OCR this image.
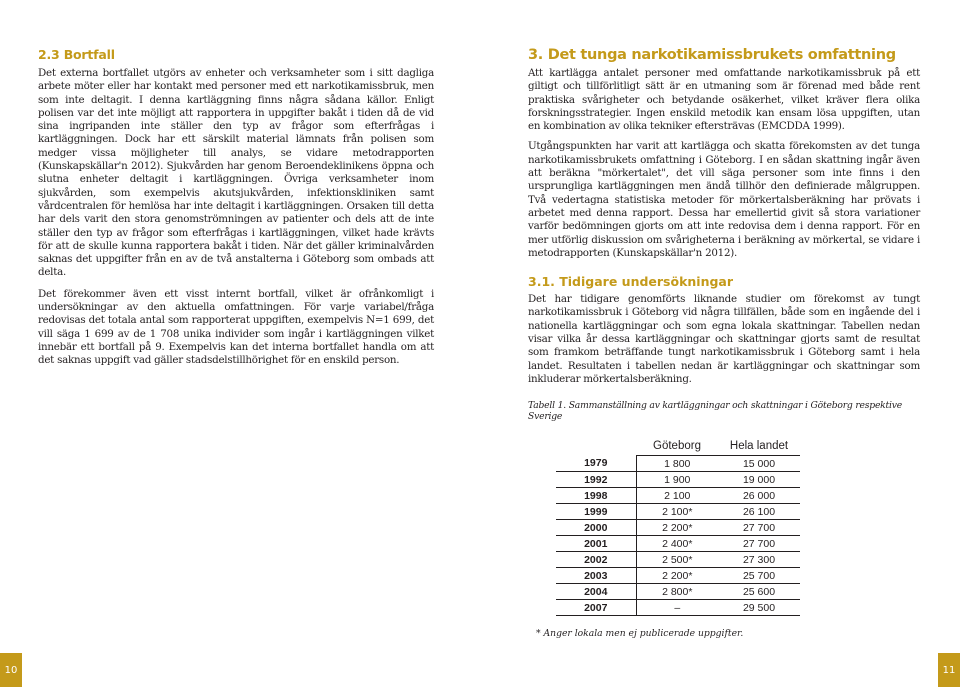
2.3 Bortfall

Det externa bortfallet utgörs av enheter och verksamheter som i sitt dagliga arbete möter eller har kontakt med personer med ett narkotikamissbruk, men som inte deltagit. I denna kartläggning finns några sådana källor. Enligt polisen var det inte möjligt att rapportera in uppgifter bakåt i tiden då de vid sina ingripanden inte ställer den typ av frågor som efterfrågas i kartläggningen. Dock har ett särskilt material lämnats från polisen som medger vissa möjligheter till analys, se vidare metodrapporten (Kunskapskällar'n 2012). Sjukvården har genom Beroendeklinikens öppna och slutna enheter deltagit i kartläggningen. Övriga verksamheter inom sjukvården, som exempelvis akutsjukvården, infektionskliniken samt vårdcentralen för hemlösa har inte deltagit i kartläggningen. Orsaken till detta har dels varit den stora genomströmningen av patienter och dels att de inte ställer den typ av frågor som efterfrågas i kartläggningen, vilket hade krävts för att de skulle kunna rapportera bakåt i tiden. När det gäller kriminalvården saknas det uppgifter från en av de två anstalterna i Göteborg som ombads att delta.

Det förekommer även ett visst internt bortfall, vilket är ofrånkomligt i undersökningar av den aktuella omfattningen. För varje variabel/fråga redovisas det totala antal som rapporterat uppgiften, exempelvis N=1 699, det vill säga 1 699 av de 1 708 unika individer som ingår i kartläggningen vilket innebär ett bortfall på 9. Exempelvis kan det interna bortfallet handla om att det saknas uppgift vad gäller stadsdelstillhörighet för en enskild person.

3. Det tunga narkotikamissbrukets omfattning

Att kartlägga antalet personer med omfattande narkotikamissbruk på ett giltigt och tillförlitligt sätt är en utmaning som är förenad med både rent praktiska svårigheter och betydande osäkerhet, vilket kräver flera olika forskningsstrategier. Ingen enskild metodik kan ensam lösa uppgiften, utan en kombination av olika tekniker eftersträvas (EMCDDA 1999).

Utgångspunkten har varit att kartlägga och skatta förekomsten av det tunga narkotikamissbrukets omfattning i Göteborg. I en sådan skattning ingår även att beräkna "mörkertalet", det vill säga personer som inte finns i den ursprungliga kartläggningen men ändå tillhör den definierade målgruppen. Två vedertagna statistiska metoder för mörkertalsberäkning har prövats i arbetet med denna rapport. Dessa har emellertid givit så stora variationer varför bedömningen gjorts om att inte redovisa dem i denna rapport. För en mer utförlig diskussion om svårigheterna i beräkning av mörkertal, se vidare i metodrapporten (Kunskapskällar'n 2012).

3.1. Tidigare undersökningar

Det har tidigare genomförts liknande studier om förekomst av tungt narkotikamissbruk i Göteborg vid några tillfällen, både som en ingående del i nationella kartläggningar och som egna lokala skattningar. Tabellen nedan visar vilka år dessa kartläggningar och skattningar gjorts samt de resultat som framkom beträffande tungt narkotikamissbruk i Göteborg samt i hela landet. Resultaten i tabellen nedan är kartläggningar och skattningar som inkluderar mörkertalsberäkning.

Tabell 1. Sammanställning av kartläggningar och skattningar i Göteborg respektive Sverige
	Göteborg	Hela landet
1979	1 800	15 000
1992	1 900	19 000
1998	2 100	26 000
1999	2 100*	26 100
2000	2 200*	27 700
2001	2 400*	27 700
2002	2 500*	27 300
2003	2 200*	25 700
2004	2 800*	25 600
2007	–	29 500
* Anger lokala men ej publicerade uppgifter.
10	11
